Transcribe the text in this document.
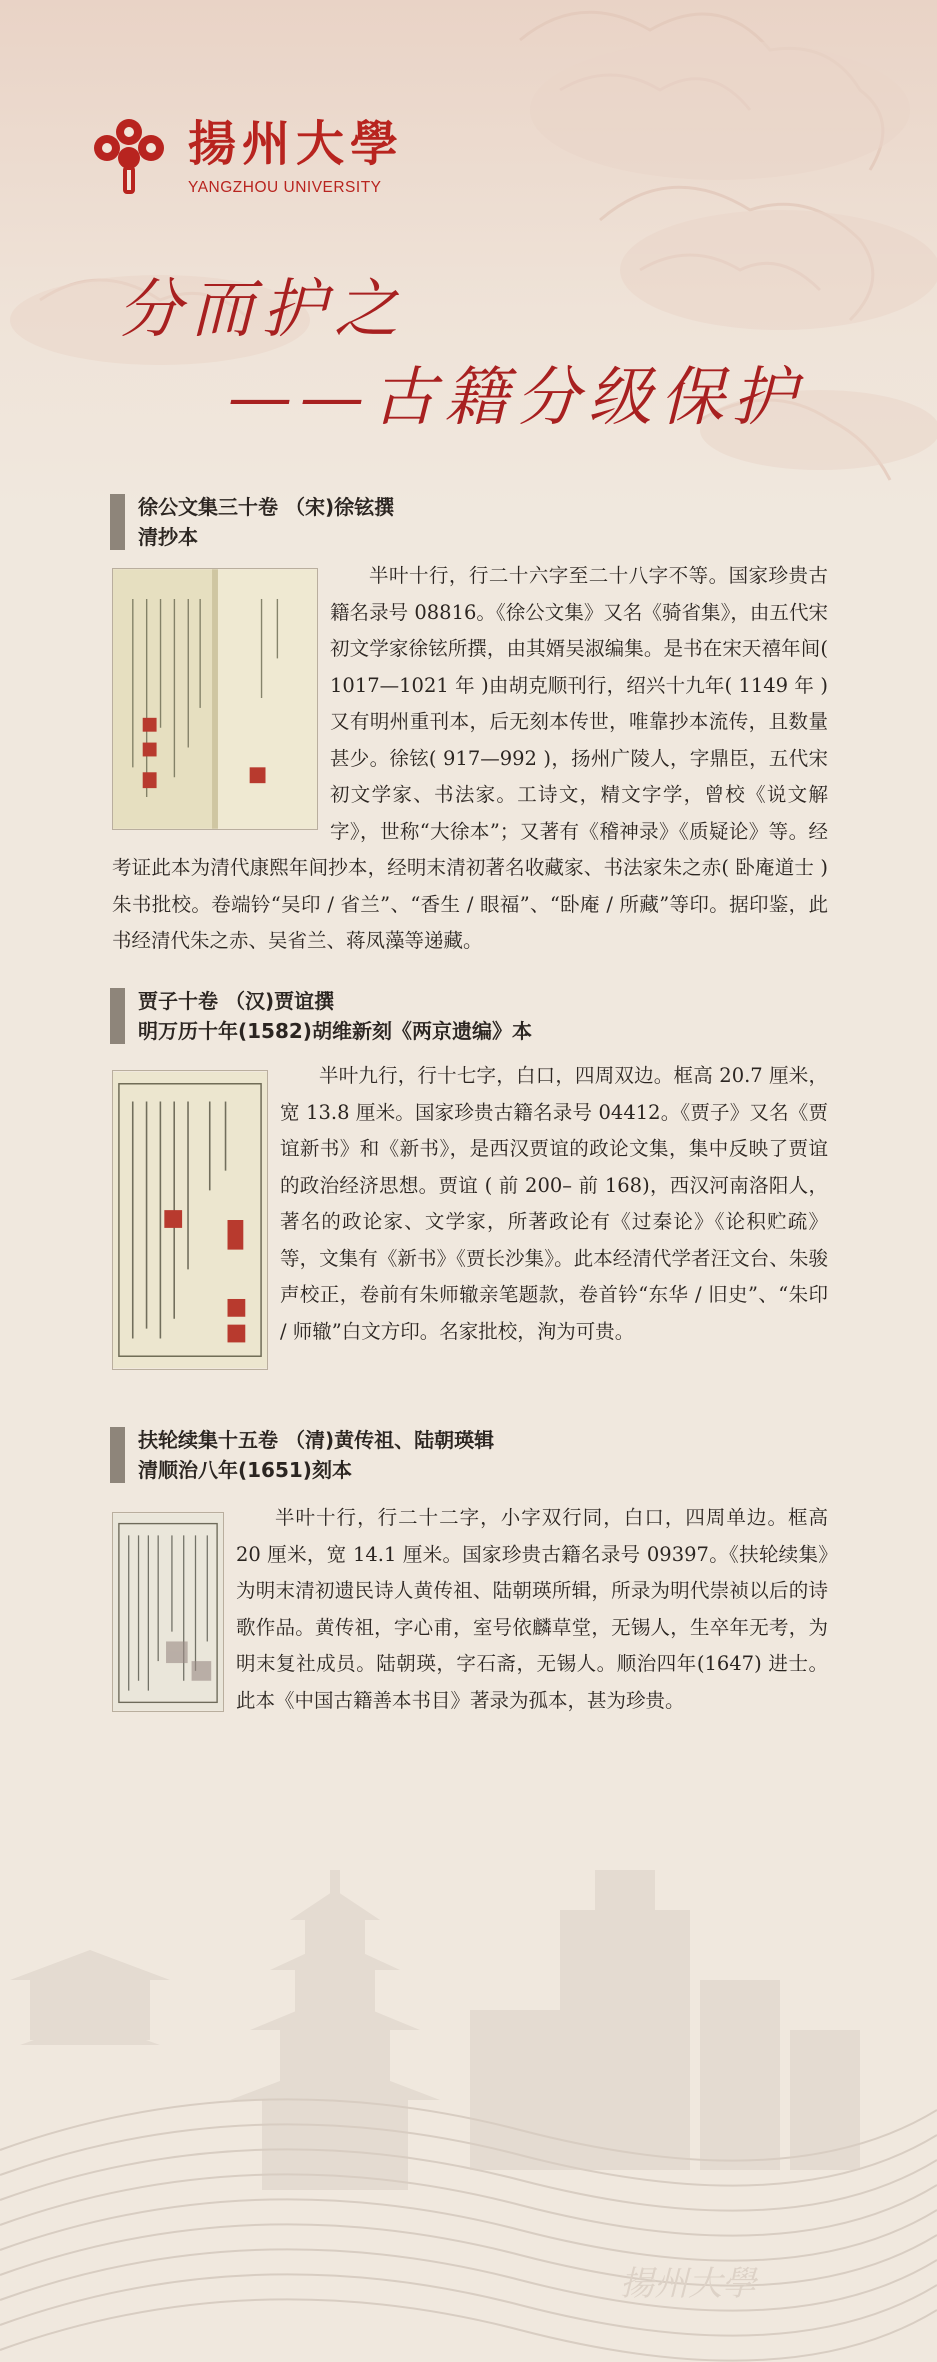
揚州大學
YANGZHOU UNIVERSITY
分而护之
——古籍分级保护
徐公文集三十卷 （宋)徐铉撰
清抄本
半叶十行，行二十六字至二十八字不等。国家珍贵古籍名录号 08816。《徐公文集》又名《骑省集》，由五代宋初文学家徐铉所撰，由其婿吴淑编集。是书在宋天禧年间( 1017—1021 年 )由胡克顺刊行，绍兴十九年( 1149 年 )又有明州重刊本，后无刻本传世，唯靠抄本流传，且数量甚少。徐铉( 917—992 )，扬州广陵人，字鼎臣，五代宋初文学家、书法家。工诗文，精文字学，曾校《说文解字》，世称“大徐本”；又著有《稽神录》《质疑论》等。经考证此本为清代康熙年间抄本，经明末清初著名收藏家、书法家朱之赤( 卧庵道士 )朱书批校。卷端钤“吴印 / 省兰”、“香生 / 眼福”、“卧庵 / 所藏”等印。据印鉴，此书经清代朱之赤、吴省兰、蒋凤藻等递藏。
贾子十卷 （汉)贾谊撰
明万历十年(1582)胡维新刻《两京遗编》本
半叶九行，行十七字，白口，四周双边。框高 20.7 厘米，宽 13.8 厘米。国家珍贵古籍名录号 04412。《贾子》又名《贾谊新书》和《新书》，是西汉贾谊的政论文集，集中反映了贾谊的政治经济思想。贾谊 ( 前 200– 前 168)，西汉河南洛阳人，著名的政论家、文学家，所著政论有《过秦论》《论积贮疏》等，文集有《新书》《贾长沙集》。此本经清代学者汪文台、朱骏声校正，卷前有朱师辙亲笔题款，卷首钤“东华 / 旧史”、“朱印 / 师辙”白文方印。名家批校，洵为可贵。
扶轮续集十五卷 （清)黄传祖、陆朝瑛辑
清顺治八年(1651)刻本
半叶十行，行二十二字，小字双行同，白口，四周单边。框高 20 厘米，宽 14.1 厘米。国家珍贵古籍名录号 09397。《扶轮续集》为明末清初遗民诗人黄传祖、陆朝瑛所辑，所录为明代崇祯以后的诗歌作品。黄传祖，字心甫，室号依麟草堂，无锡人，生卒年无考，为明末复社成员。陆朝瑛，字石斋，无锡人。顺治四年(1647) 进士。此本《中国古籍善本书目》著录为孤本，甚为珍贵。
揚州大學
